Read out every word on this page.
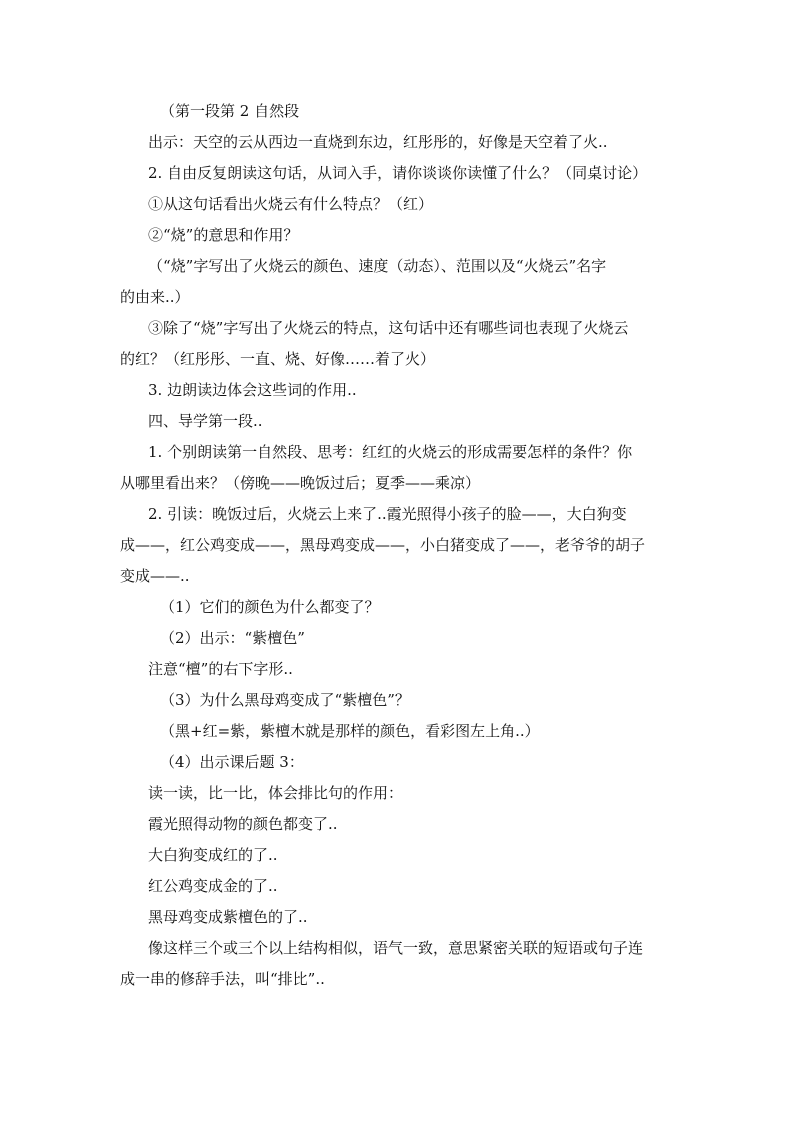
（第一段第 2 自然段
出示：天空的云从西边一直烧到东边，红彤彤的，好像是天空着了火..
2. 自由反复朗读这句话，从词入手，请你谈谈你读懂了什么？（同桌讨论）
①从这句话看出火烧云有什么特点？（红）
②“烧”的意思和作用？
（“烧”字写出了火烧云的颜色、速度（动态）、范围以及“火烧云”名字
的由来..）
③除了“烧”字写出了火烧云的特点，这句话中还有哪些词也表现了火烧云
的红？（红彤彤、一直、烧、好像……着了火）
3. 边朗读边体会这些词的作用..
四、导学第一段..
1. 个别朗读第一自然段、思考：红红的火烧云的形成需要怎样的条件？你
从哪里看出来？（傍晚——晚饭过后；夏季——乘凉）
2. 引读：晚饭过后，火烧云上来了..霞光照得小孩子的脸——，大白狗变
成——，红公鸡变成——，黑母鸡变成——，小白猪变成了——，老爷爷的胡子
变成——..
（1）它们的颜色为什么都变了？
（2）出示：“紫檀色”
注意“檀”的右下字形..
（3）为什么黑母鸡变成了“紫檀色”？
（黑+红=紫，紫檀木就是那样的颜色，看彩图左上角..）
（4）出示课后题 3：
读一读，比一比，体会排比句的作用：
霞光照得动物的颜色都变了..
大白狗变成红的了..
红公鸡变成金的了..
黑母鸡变成紫檀色的了..
像这样三个或三个以上结构相似，语气一致，意思紧密关联的短语或句子连
成一串的修辞手法，叫“排比”..
